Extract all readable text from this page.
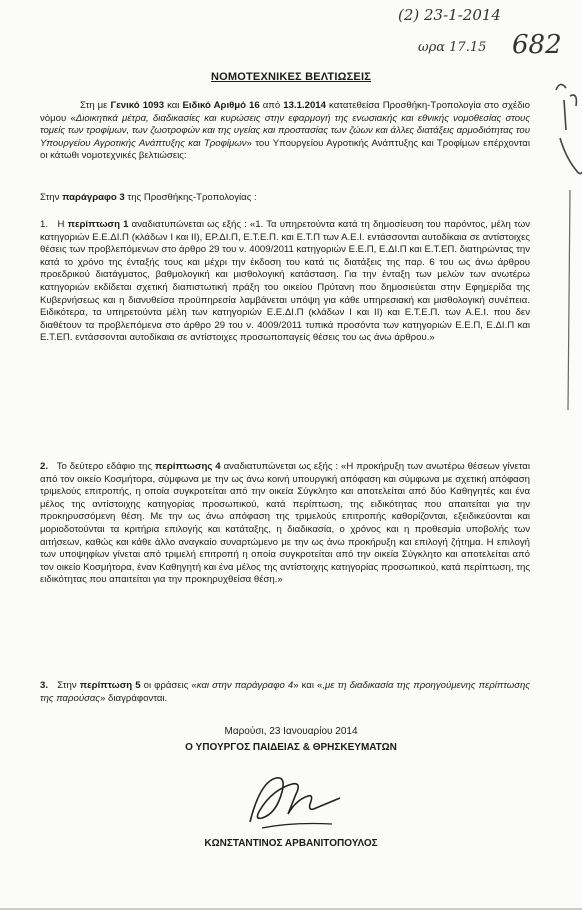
(2) 23-1-2014
ωρα 17.15 682
ΝΟΜΟΤΕΧΝΙΚΕΣ ΒΕΛΤΙΩΣΕΙΣ

Στη με Γενικό 1093 και Ειδικό Αριθμό 16 από 13.1.2014 κατατεθείσα Προσθήκη-Τροπολογία στο σχέδιο νόμου «Διοικητικά μέτρα, διαδικασίες και κυρώσεις στην εφαρμογή της ενωσιακής και εθνικής νομοθεσίας στους τομείς των τροφίμων, των ζωοτροφών και της υγείας και προστασίας των ζώων και άλλες διατάξεις αρμοδιότητας του Υπουργείου Αγροτικής Ανάπτυξης και Τροφίμων» του Υπουργείου Αγροτικής Ανάπτυξης και Τροφίμων επέρχονται οι κάτωθι νομοτεχνικές βελτιώσεις:

Στην παράγραφο 3 της Προσθήκης-Τροπολογίας :

1. Η περίπτωση 1 αναδιατυπώνεται ως εξής : «1. Τα υπηρετούντα κατά τη δημοσίευση του παρόντος, μέλη των κατηγοριών Ε.Ε.ΔΙ.Π (κλάδων Ι και ΙΙ), ΕΡ.ΔΙ.Π, Ε.Τ.Ε.Π. και Ε.Τ.Π των Α.Ε.Ι. εντάσσονται αυτοδίκαια σε αντίστοιχες θέσεις των προβλεπόμενων στο άρθρο 29 του ν. 4009/2011 κατηγοριών Ε.Ε.Π, Ε.ΔΙ.Π και Ε.Τ.ΕΠ. διατηρώντας την κατά το χρόνο της ένταξής τους και μέχρι την έκδοση του κατά τις διατάξεις της παρ. 6 του ως άνω άρθρου προεδρικού διατάγματος, βαθμολογική και μισθολογική κατάσταση. Για την ένταξη των μελών των ανωτέρω κατηγοριών εκδίδεται σχετική διαπιστωτική πράξη του οικείου Πρύτανη που δημοσιεύεται στην Εφημερίδα της Κυβερνήσεως και η διανυθείσα προϋπηρεσία λαμβάνεται υπόψη για κάθε υπηρεσιακή και μισθολογική συνέπεια. Ειδικότερα, τα υπηρετούντα μέλη των κατηγοριών Ε.Ε.ΔΙ.Π (κλάδων Ι και ΙΙ) και Ε.Τ.Ε.Π. των Α.Ε.Ι. που δεν διαθέτουν τα προβλεπόμενα στο άρθρο 29 του ν. 4009/2011 τυπικά προσόντα των κατηγοριών Ε.Ε.Π, Ε.ΔΙ.Π και Ε.Τ.ΕΠ. εντάσσονται αυτοδίκαια σε αντίστοιχες προσωποπαγείς θέσεις του ως άνω άρθρου.»

2. Το δεύτερο εδάφιο της περίπτωσης 4 αναδιατυπώνεται ως εξής : «Η προκήρυξη των ανωτέρω θέσεων γίνεται από τον οικείο Κοσμήτορα, σύμφωνα με την ως άνω κοινή υπουργική απόφαση και σύμφωνα με σχετική απόφαση τριμελούς επιτροπής, η οποία συγκροτείται από την οικεία Σύγκλητο και αποτελείται από δύο Καθηγητές και ένα μέλος της αντίστοιχης κατηγορίας προσωπικού, κατά περίπτωση, της ειδικότητας που απαιτείται για την προκηρυσσόμενη θέση. Με την ως άνω απόφαση της τριμελούς επιτροπής καθορίζονται, εξειδικεύονται και μοριοδοτούνται τα κριτήρια επιλογής και κατάταξης, η διαδικασία, ο χρόνος και η προθεσμία υποβολής των αιτήσεων, καθώς και κάθε άλλο αναγκαίο συναρτώμενο με την ως άνω προκήρυξη και επιλογή ζήτημα. Η επιλογή των υποψηφίων γίνεται από τριμελή επιτροπή η οποία συγκροτείται από την οικεία Σύγκλητο και αποτελείται από τον οικείο Κοσμήτορα, έναν Καθηγητή και ένα μέλος της αντίστοιχης κατηγορίας προσωπικού, κατά περίπτωση, της ειδικότητας που απαιτείται για την προκηρυχθείσα θέση.»

3. Στην περίπτωση 5 οι φράσεις «και στην παράγραφο 4» και «,με τη διαδικασία της προηγούμενης περίπτωσης της παρούσας» διαγράφονται.

Μαρούσι, 23 Ιανουαρίου 2014
Ο ΥΠΟΥΡΓΟΣ ΠΑΙΔΕΙΑΣ & ΘΡΗΣΚΕΥΜΑΤΩΝ
ΚΩΝΣΤΑΝΤΙΝΟΣ ΑΡΒΑΝΙΤΟΠΟΥΛΟΣ
